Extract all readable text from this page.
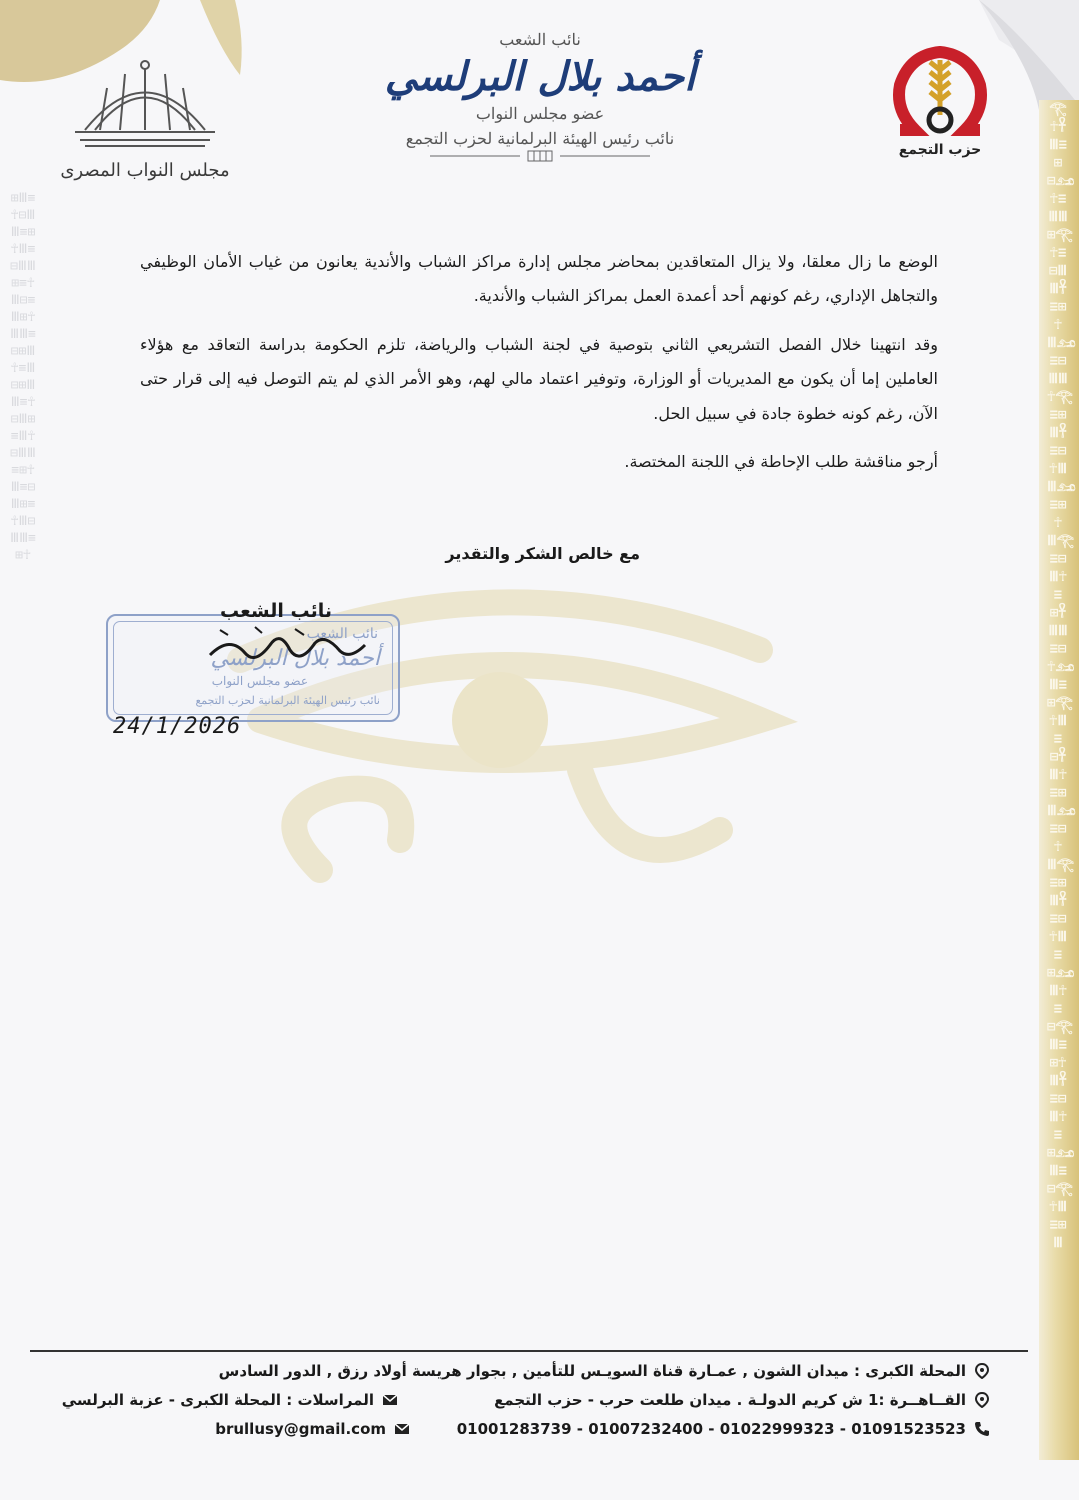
𓂀☥𓋹Ⅲ≡⊞⊟𓃭☥≡ⅢⅢ⊞𓂀☥≡⊟ⅢⅢ𓋹≡⊞☥Ⅲ𓃭≡⊟ⅢⅢ☥𓂀≡⊞Ⅲ𓋹≡⊟☥ⅢⅢ𓃭≡⊞☥Ⅲ𓂀≡⊟Ⅲ☥≡⊞𓋹ⅢⅢ≡⊟☥𓃭Ⅲ≡⊞𓂀☥Ⅲ≡⊟𓋹Ⅲ☥≡⊞Ⅲ𓃭≡⊟☥Ⅲ𓂀≡⊞Ⅲ𓋹≡⊟☥Ⅲ≡⊞𓃭Ⅲ☥≡⊟𓂀Ⅲ≡⊞☥Ⅲ𓋹≡⊟Ⅲ☥≡⊞𓃭Ⅲ≡⊟𓂀☥Ⅲ≡⊞Ⅲ
⊞Ⅲ≡☥⊟ⅢⅢ≡⊞☥Ⅲ≡⊟ⅢⅢ⊞≡☥Ⅲ⊟≡Ⅲ⊞☥ⅢⅢ≡⊟⊞Ⅲ☥≡Ⅲ⊟⊞ⅢⅢ≡☥⊟Ⅲ⊞≡Ⅲ☥⊟ⅢⅢ≡⊞☥Ⅲ≡⊟Ⅲ⊞≡☥Ⅲ⊟ⅢⅢ≡⊞☥
مجلس النواب المصرى
نائب الشعب
أحمد بلال البرلسي
عضو مجلس النواب
نائب رئيس الهيئة البرلمانية لحزب التجمع
حزب التجمع

الوضع ما زال معلقا، ولا يزال المتعاقدين بمحاضر مجلس إدارة مراكز الشباب والأندية يعانون من غياب الأمان الوظيفي والتجاهل الإداري، رغم كونهم أحد أعمدة العمل بمراكز الشباب والأندية.

وقد انتهينا خلال الفصل التشريعي الثاني بتوصية في لجنة الشباب والرياضة، تلزم الحكومة بدراسة التعاقد مع هؤلاء العاملين إما أن يكون مع المديريات أو الوزارة، وتوفير اعتماد مالي لهم، وهو الأمر الذي لم يتم التوصل فيه إلى قرار حتى الآن، رغم كونه خطوة جادة في سبيل الحل.

أرجو مناقشة طلب الإحاطة في اللجنة المختصة.

مع خالص الشكر والتقدير
نائب الشعب
أحمد بلال البرلسي
عضو مجلس النواب
نائب رئيس الهيئة البرلمانية لحزب التجمع
نائب الشعب
24/1/2026
المحلة الكبرى : ميدان الشون , عمـارة قناة السويـس للتأمين , بجوار هريسة أولاد رزق , الدور السادس
القــاهــرة :1 ش كريم الدولـة . ميدان طلعت حرب - حزب التجمع
المراسلات : المحلة الكبرى - عزبة البرلسي
01091523523 - 01022999323 - 01007232400 - 01001283739
brullusy@gmail.com
